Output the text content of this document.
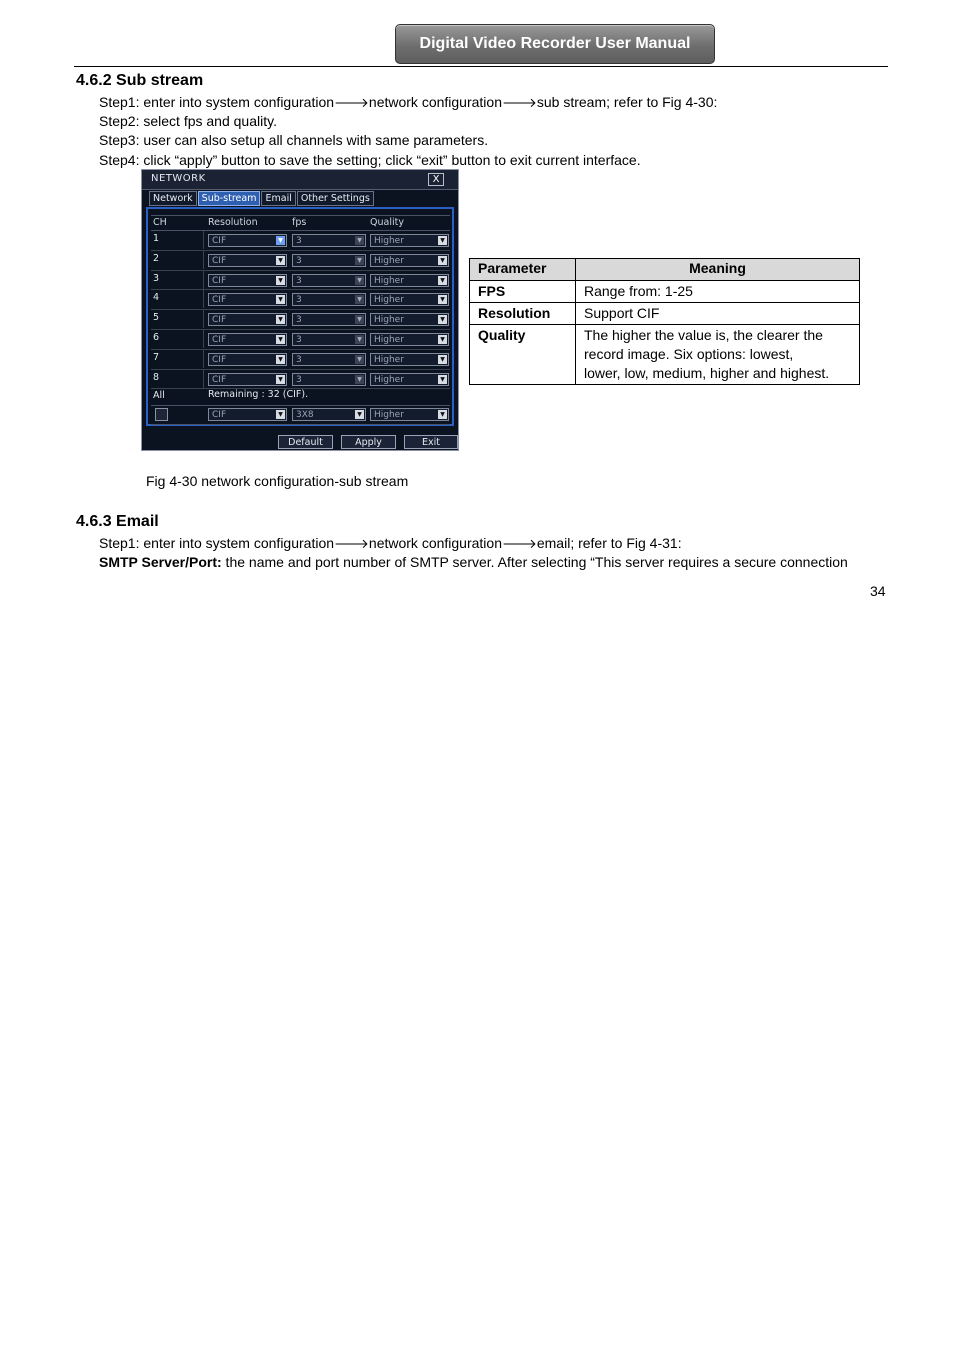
Digital Video Recorder User Manual
4.6.2 Sub stream
Step1: enter into system configuration🡒network configuration🡒sub stream; refer to Fig 4-30:
Step2: select fps and quality.
Step3: user can also setup all channels with same parameters.
Step4: click “apply” button to save the setting; click “exit” button to exit current interface.
NETWORK	X
Network Sub-stream Email Other Settings
CH	Resolution	fps	Quality
1	CIF	▼ 3	▼ Higher	▼
2	CIF	▼ 3	▼ Higher	▼
3	CIF	▼ 3	▼ Higher	▼
4	CIF	▼ 3	▼ Higher	▼
5	CIF	▼ 3	▼ Higher	▼
6	CIF	▼ 3	▼ Higher	▼
7	CIF	▼ 3	▼ Higher	▼
8	CIF	▼ 3	▼ Higher	▼
All	Remaining : 32 (CIF).
CIF	▼ 3X8	▼ Higher	▼
Default	Apply	Exit
Parameter	Meaning
FPS	Range from: 1-25
Resolution	Support CIF
Quality	The higher the value is, the clearer the
record image. Six options: lowest,
lower, low, medium, higher and highest.
Fig 4-30 network configuration-sub stream
4.6.3 Email
Step1: enter into system configuration🡒network configuration🡒email; refer to Fig 4-31:
SMTP Server/Port: the name and port number of SMTP server. After selecting “This server requires a secure connection
34
